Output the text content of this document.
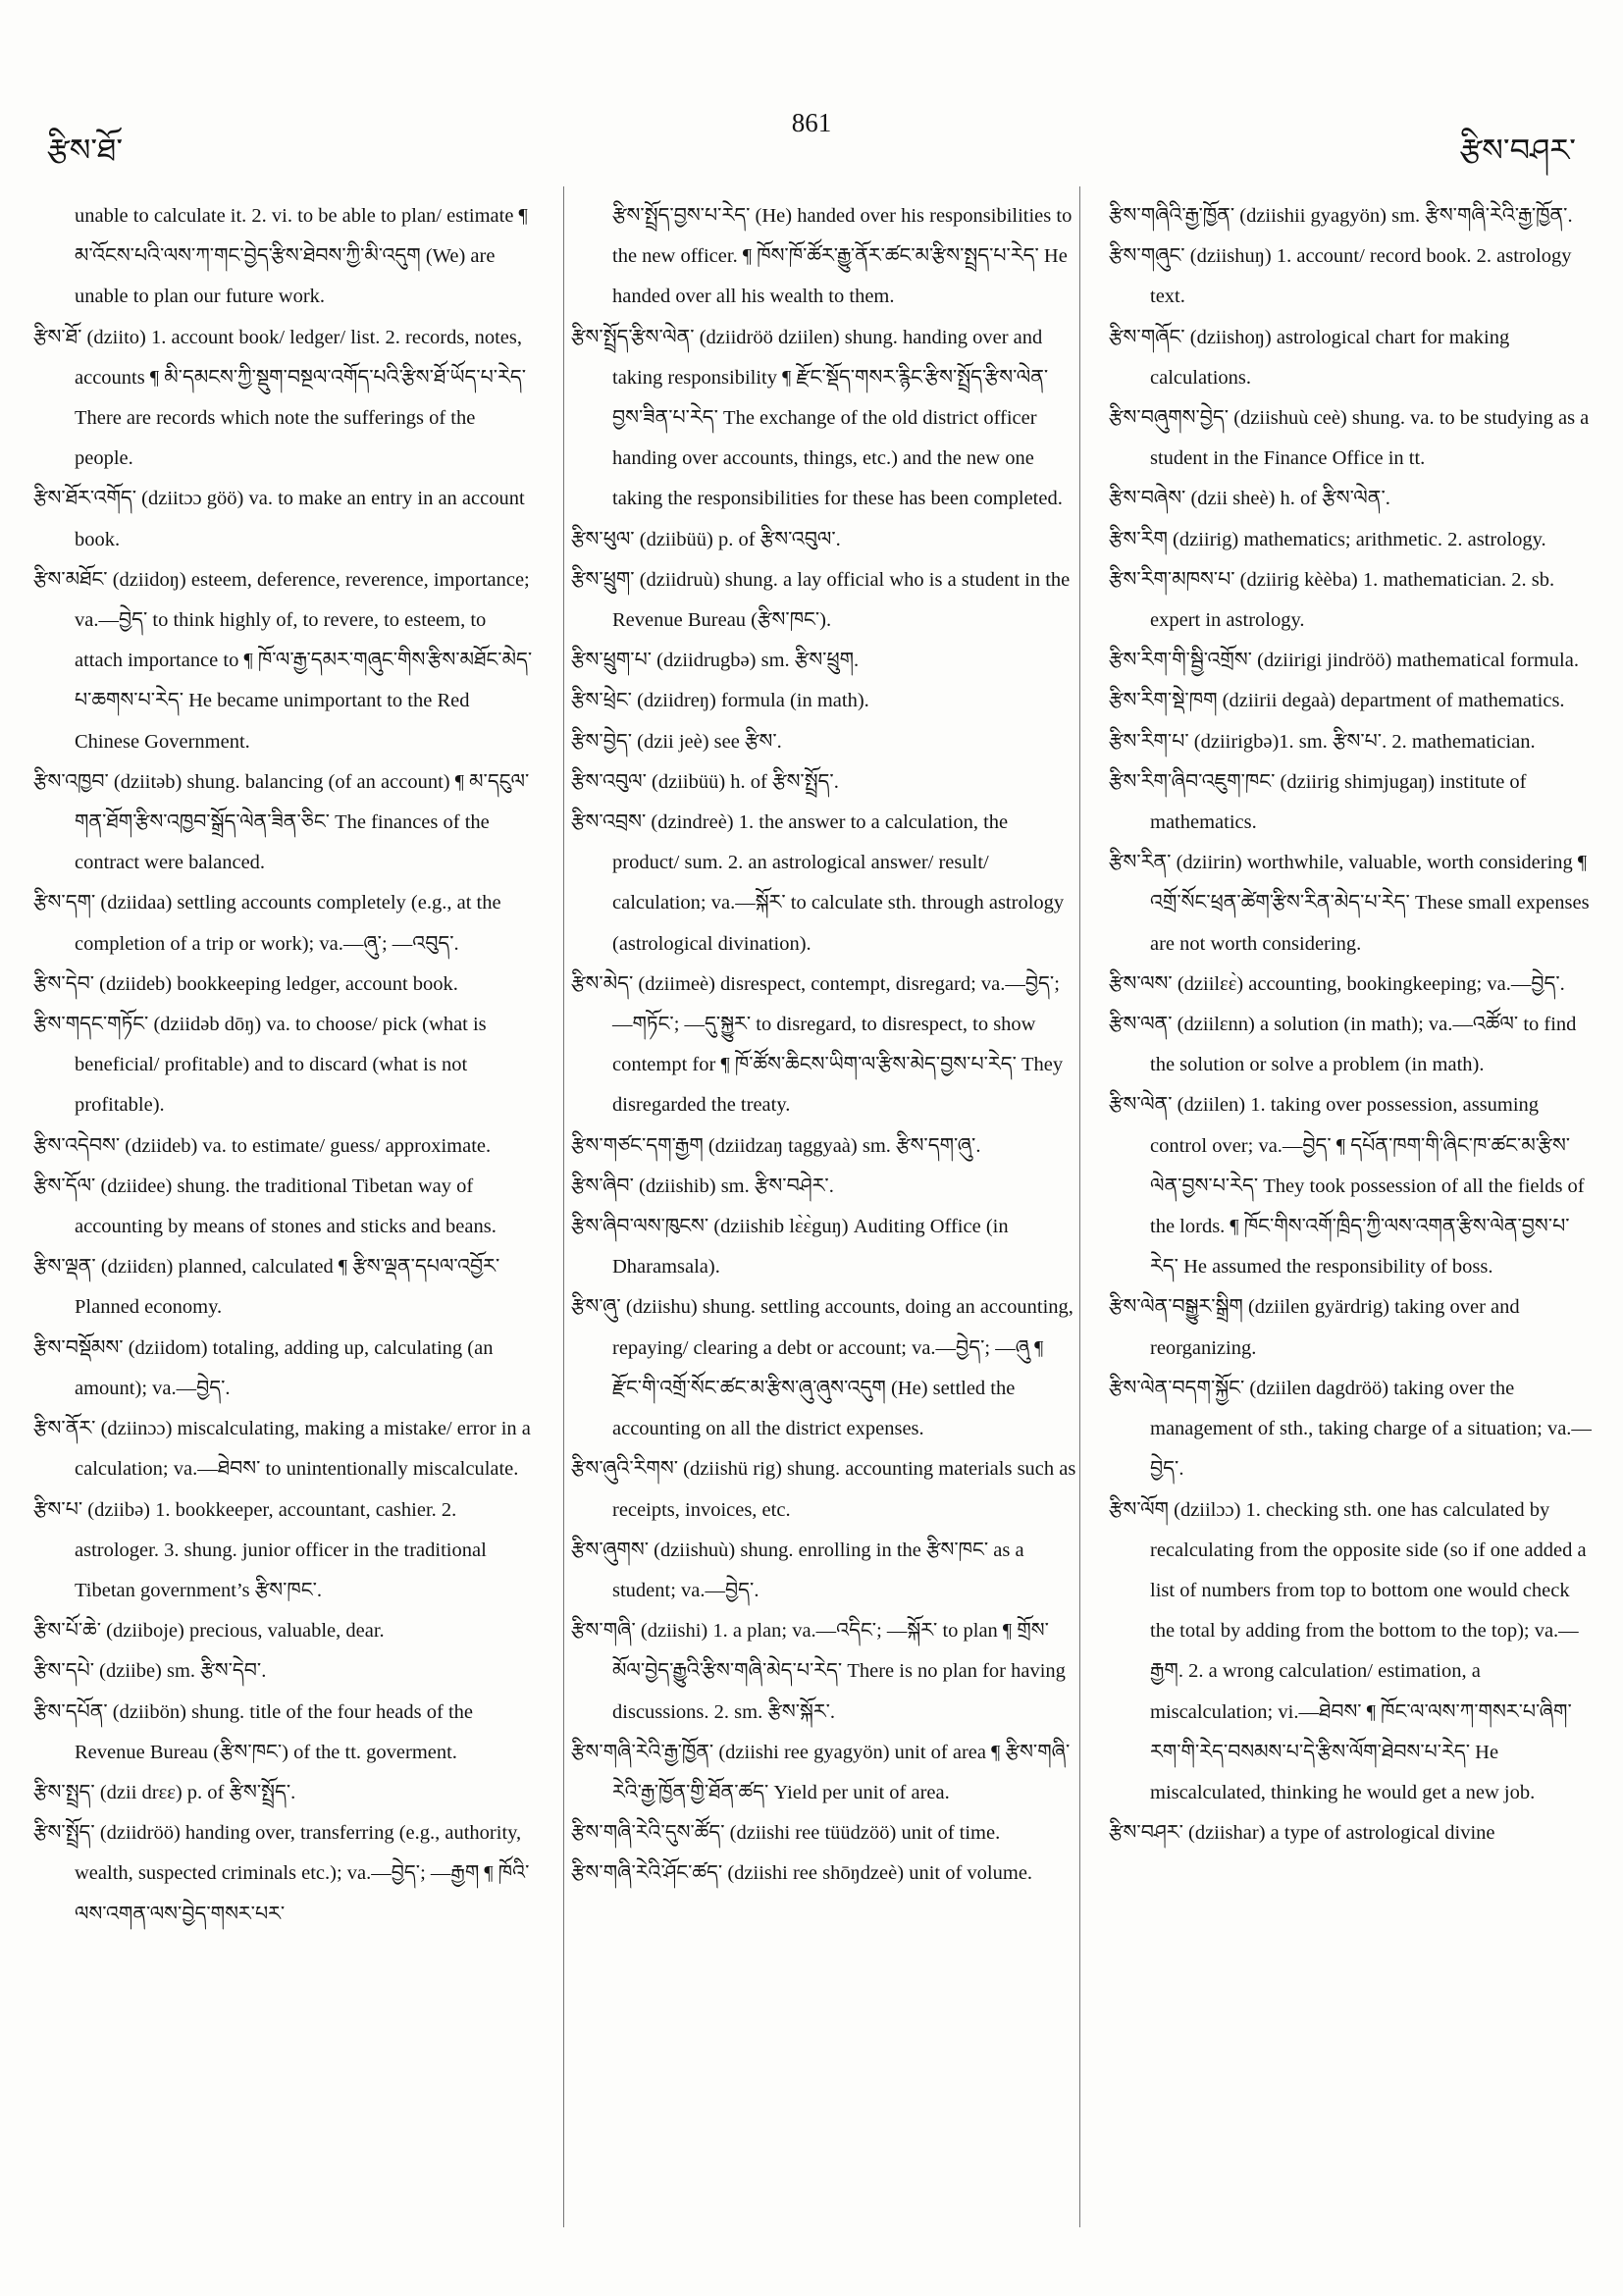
861
རྩིས་ཐོ་	རྩིས་བཤར་

unable to calculate it. 2. vi. to be able to plan/ estimate ¶ མ་འོངས་པའི་ལས་ཀ་གང་བྱེད་རྩིས་ཐེབས་ཀྱི་མི་འདུག (We) are unable to plan our future work.

རྩིས་ཐོ་ (dziito) 1. account book/ ledger/ list. 2. records, notes, accounts ¶ མི་དམངས་ཀྱི་སྡུག་བསྔལ་འགོད་པའི་རྩིས་ཐོ་ཡོད་པ་རེད་ There are records which note the sufferings of the people.

རྩིས་ཐོར་འགོད་ (dziitɔɔ göö) va. to make an entry in an account book.

རྩིས་མཐོང་ (dziidoŋ) esteem, deference, reverence, importance; va.—བྱེད་ to think highly of, to revere, to esteem, to attach importance to ¶ ཁོ་ལ་རྒྱ་དམར་གཞུང་གིས་རྩིས་མཐོང་མེད་པ་ཆགས་པ་རེད་ He became unimportant to the Red Chinese Government.

རྩིས་འཁྱབ་ (dziitəb) shung. balancing (of an account) ¶ མ་དངུལ་གན་ཐོག་རྩིས་འཁྱབ་སྒྲོད་ལེན་ཟིན་ཅིང་ The finances of the contract were balanced.

རྩིས་དག་ (dziidaa) settling accounts completely (e.g., at the completion of a trip or work); va.—ཞུ་; —འབུད་.

རྩིས་དེབ་ (dziideb) bookkeeping ledger, account book.

རྩིས་གདང་གཏོང་ (dziidəb dōŋ) va. to choose/ pick (what is beneficial/ profitable) and to discard (what is not profitable).

རྩིས་འདེབས་ (dziideb) va. to estimate/ guess/ approximate.

རྩིས་དོལ་ (dziidee) shung. the traditional Tibetan way of accounting by means of stones and sticks and beans.

རྩིས་ལྡན་ (dziidɛn) planned, calculated ¶ རྩིས་ལྡན་དཔལ་འབྱོར་ Planned economy.

རྩིས་བསྡོམས་ (dziidom) totaling, adding up, calculating (an amount); va.—བྱེད་.

རྩིས་ནོར་ (dziinɔɔ) miscalculating, making a mistake/ error in a calculation; va.—ཐེབས་ to unintentionally miscalculate.

རྩིས་པ་ (dziibə) 1. bookkeeper, accountant, cashier. 2. astrologer. 3. shung. junior officer in the traditional Tibetan government’s རྩིས་ཁང་.

རྩིས་པོ་ཆེ་ (dziiboje) precious, valuable, dear.

རྩིས་དཔེ་ (dziibe) sm. རྩིས་དེབ་.

རྩིས་དཔོན་ (dziibön) shung. title of the four heads of the Revenue Bureau (རྩིས་ཁང་) of the tt. goverment.

རྩིས་སྤྲད་ (dzii drɛɛ) p. of རྩིས་སྤྲོད་.

རྩིས་སྤྲོད་ (dziidröö) handing over, transferring (e.g., authority, wealth, suspected criminals etc.); va.—བྱེད་; —རྒྱག ¶ ཁོའི་ལས་འགན་ལས་བྱེད་གསར་པར་

རྩིས་སྤྲོད་བྱས་པ་རེད་ (He) handed over his responsibilities to the new officer. ¶ ཁོས་ཁོ་ཚོར་རྒྱུ་ནོར་ཚང་མ་རྩིས་སྤྲད་པ་རེད་ He handed over all his wealth to them.

རྩིས་སྤྲོད་རྩིས་ལེན་ (dziidröö dziilen) shung. handing over and taking responsibility ¶ རྫོང་སྡོད་གསར་རྙིང་རྩིས་སྤྲོད་རྩིས་ལེན་བྱས་ཟིན་པ་རེད་ The exchange of the old district officer handing over accounts, things, etc.) and the new one taking the responsibilities for these has been completed.

རྩིས་ཕུལ་ (dziibüü) p. of རྩིས་འབུལ་.

རྩིས་ཕྲུག་ (dziidruù) shung. a lay official who is a student in the Revenue Bureau (རྩིས་ཁང་).

རྩིས་ཕྲུག་པ་ (dziidrugbə) sm. རྩིས་ཕྲུག.

རྩིས་ཕྲེང་ (dziidreŋ) formula (in math).

རྩིས་བྱེད་ (dzii jeè) see རྩིས་.

རྩིས་འབུལ་ (dziibüü) h. of རྩིས་སྤྲོད་.

རྩིས་འབྲས་ (dzindreè) 1. the answer to a calculation, the product/ sum. 2. an astrological answer/ result/ calculation; va.—སྐོར་ to calculate sth. through astrology (astrological divination).

རྩིས་མེད་ (dziimeè) disrespect, contempt, disregard; va.—བྱེད་; —གཏོང་; —དུ་སྐྱུར་ to disregard, to disrespect, to show contempt for ¶ ཁོ་ཚོས་ཆིངས་ཡིག་ལ་རྩིས་མེད་བྱས་པ་རེད་ They disregarded the treaty.

རྩིས་གཙང་དག་རྒྱག (dziidzaŋ taggyaà) sm. རྩིས་དག་ཞུ་.

རྩིས་ཞིབ་ (dziishib) sm. རྩིས་བཤེར་.

རྩིས་ཞིབ་ལས་ཁུངས་ (dziishib lɛ̀ɛ̀guŋ) Auditing Office (in Dharamsala).

རྩིས་ཞུ་ (dziishu) shung. settling accounts, doing an accounting, repaying/ clearing a debt or account; va.—བྱེད་; —ཞུ ¶ རྫོང་གི་འགྲོ་སོང་ཚང་མ་རྩིས་ཞུ་ཞུས་འདུག (He) settled the accounting on all the district expenses.

རྩིས་ཞུའི་རིགས་ (dziishü rig) shung. accounting materials such as receipts, invoices, etc.

རྩིས་ཞུགས་ (dziishuù) shung. enrolling in the རྩིས་ཁང་ as a student; va.—བྱེད་.

རྩིས་གཞི་ (dziishi) 1. a plan; va.—འདིང་; —སྐོར་ to plan ¶ གྲོས་མོལ་བྱེད་རྒྱུའི་རྩིས་གཞི་མེད་པ་རེད་ There is no plan for having discussions. 2. sm. རྩིས་སྐོར་.

རྩིས་གཞི་རེའི་རྒྱ་ཁྱོན་ (dziishi ree gyagyön) unit of area ¶ རྩིས་གཞི་རེའི་རྒྱ་ཁྱོན་གྱི་ཐོན་ཚད་ Yield per unit of area.

རྩིས་གཞི་རེའི་དུས་ཚོད་ (dziishi ree tüüdzöö) unit of time.

རྩིས་གཞི་རེའི་ཤོང་ཚད་ (dziishi ree shōŋdzeè) unit of volume.

རྩིས་གཞིའི་རྒྱ་ཁྱོན་ (dziishii gyagyön) sm. རྩིས་གཞི་རེའི་རྒྱ་ཁྱོན་.

རྩིས་གཞུང་ (dziishuŋ) 1. account/ record book. 2. astrology text.

རྩིས་གཞོང་ (dziishoŋ) astrological chart for making calculations.

རྩིས་བཞུགས་བྱེད་ (dziishuù ceè) shung. va. to be studying as a student in the Finance Office in tt.

རྩིས་བཞེས་ (dzii sheè) h. of རྩིས་ལེན་.

རྩིས་རིག (dziirig) mathematics; arithmetic. 2. astrology.

རྩིས་རིག་མཁས་པ་ (dziirig kèèba) 1. mathematician. 2. sb. expert in astrology.

རྩིས་རིག་གི་སྦྱི་འགྲོས་ (dziirigi jindröö) mathematical formula.

རྩིས་རིག་སྡེ་ཁག (dziirii degaà) department of mathematics.

རྩིས་རིག་པ་ (dziirigbə)1. sm. རྩིས་པ་. 2. mathematician.

རྩིས་རིག་ཞིབ་འཇུག་ཁང་ (dziirig shimjugaŋ) institute of mathematics.

རྩིས་རིན་ (dziirin) worthwhile, valuable, worth considering ¶ འགྲོ་སོང་ཕྲན་ཚེག་རྩིས་རིན་མེད་པ་རེད་ These small expenses are not worth considering.

རྩིས་ལས་ (dziilɛɛ̀) accounting, bookingkeeping; va.—བྱེད་.

རྩིས་ལན་ (dziilɛnn) a solution (in math); va.—འཚོལ་ to find the solution or solve a problem (in math).

རྩིས་ལེན་ (dziilen) 1. taking over possession, assuming control over; va.—བྱེད་ ¶ དཔོན་ཁག་གི་ཞིང་ཁ་ཚང་མ་རྩིས་ལེན་བྱས་པ་རེད་ They took possession of all the fields of the lords. ¶ ཁོང་གིས་འགོ་ཁྲིད་ཀྱི་ལས་འགན་རྩིས་ལེན་བྱས་པ་རེད་ He assumed the responsibility of boss.

རྩིས་ལེན་བསྒྱུར་སྒྲིག (dziilen gyärdrig) taking over and reorganizing.

རྩིས་ལེན་བདག་སྐྱོང་ (dziilen dagdröö) taking over the management of sth., taking charge of a situation; va.—བྱེད་.

རྩིས་ལོག (dziilɔɔ) 1. checking sth. one has calculated by recalculating from the opposite side (so if one added a list of numbers from top to bottom one would check the total by adding from the bottom to the top); va.—རྒྱག. 2. a wrong calculation/ estimation, a miscalculation; vi.—ཐེབས་ ¶ ཁོང་ལ་ལས་ཀ་གསར་པ་ཞིག་རག་གི་རེད་བསམས་པ་དེ་རྩིས་ལོག་ཐེབས་པ་རེད་ He miscalculated, thinking he would get a new job.

རྩིས་བཤར་ (dziishar) a type of astrological divine
